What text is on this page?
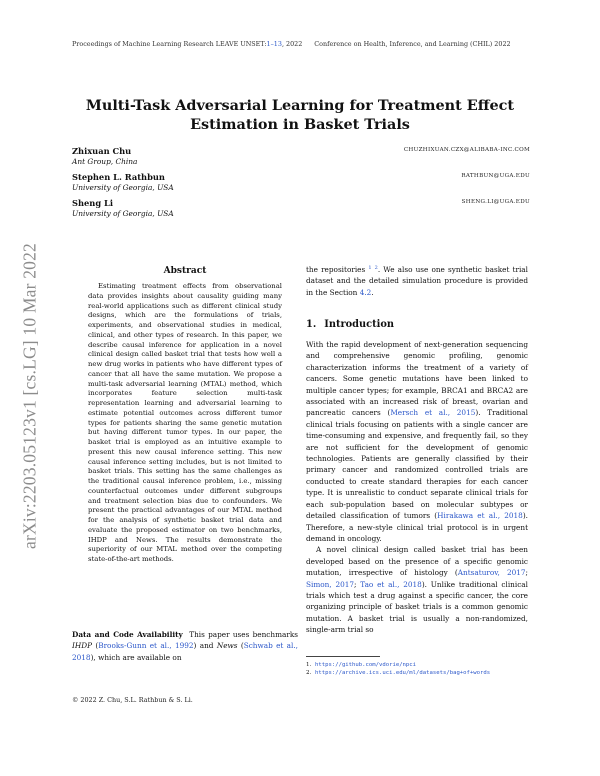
Proceedings of Machine Learning Research LEAVE UNSET:1–13, 2022 Conference on Health, Inference, and Learning (CHIL) 2022
arXiv:2203.05123v1 [cs.LG] 10 Mar 2022
Multi-Task Adversarial Learning for Treatment Effect Estimation in Basket Trials
Zhixuan Chu
Ant Group, China
CHUZHIXUAN.CZX@ALIBABA-INC.COM
Stephen L. Rathbun
University of Georgia, USA
RATHBUN@UGA.EDU
Sheng Li
University of Georgia, USA
SHENG.LI@UGA.EDU
Abstract

Estimating treatment effects from observational data provides insights about causality guiding many real-world applications such as different clinical study designs, which are the formulations of trials, experiments, and observational studies in medical, clinical, and other types of research. In this paper, we describe causal inference for application in a novel clinical design called basket trial that tests how well a new drug works in patients who have different types of cancer that all have the same mutation. We propose a multi-task adversarial learning (MTAL) method, which incorporates feature selection multi-task representation learning and adversarial learning to estimate potential outcomes across different tumor types for patients sharing the same genetic mutation but having different tumor types. In our paper, the basket trial is employed as an intuitive example to present this new causal inference setting. This new causal inference setting includes, but is not limited to basket trials. This setting has the same challenges as the traditional causal inference problem, i.e., missing counterfactual outcomes under different subgroups and treatment selection bias due to confounders. We present the practical advantages of our MTAL method for the analysis of synthetic basket trial data and evaluate the proposed estimator on two benchmarks, IHDP and News. The results demonstrate the superiority of our MTAL method over the competing state-of-the-art methods.

Data and Code Availability This paper uses benchmarks IHDP (Brooks-Gunn et al., 1992) and News (Schwab et al., 2018), which are available on
the repositories $^1$ $^2$. We also use one synthetic basket trial dataset and the detailed simulation procedure is provided in the Section 4.2.
1. Introduction

With the rapid development of next-generation sequencing and comprehensive genomic profiling, genomic characterization informs the treatment of a variety of cancers. Some genetic mutations have been linked to multiple cancer types; for example, BRCA1 and BRCA2 are associated with an increased risk of breast, ovarian and pancreatic cancers (Mersch et al., 2015). Traditional clinical trials focusing on patients with a single cancer are time-consuming and expensive, and frequently fail, so they are not sufficient for the development of genomic technologies. Patients are generally classified by their primary cancer and randomized controlled trials are conducted to create standard therapies for each cancer type. It is unrealistic to conduct separate clinical trials for each sub-population based on molecular subtypes or detailed classification of tumors (Hirakawa et al., 2018). Therefore, a new-style clinical trial protocol is in urgent demand in oncology.

A novel clinical design called basket trial has been developed based on the presence of a specific genomic mutation, irrespective of histology (Antsaturov, 2017; Simon, 2017; Tao et al., 2018). Unlike traditional clinical trials which test a drug against a specific cancer, the core organizing principle of basket trials is a common genomic mutation. A basket trial is usually a non-randomized, single-arm trial so

1. https://github.com/vdorie/npci
2. https://archive.ics.uci.edu/ml/datasets/bag+of+words
© 2022 Z. Chu, S.L. Rathbun & S. Li.
